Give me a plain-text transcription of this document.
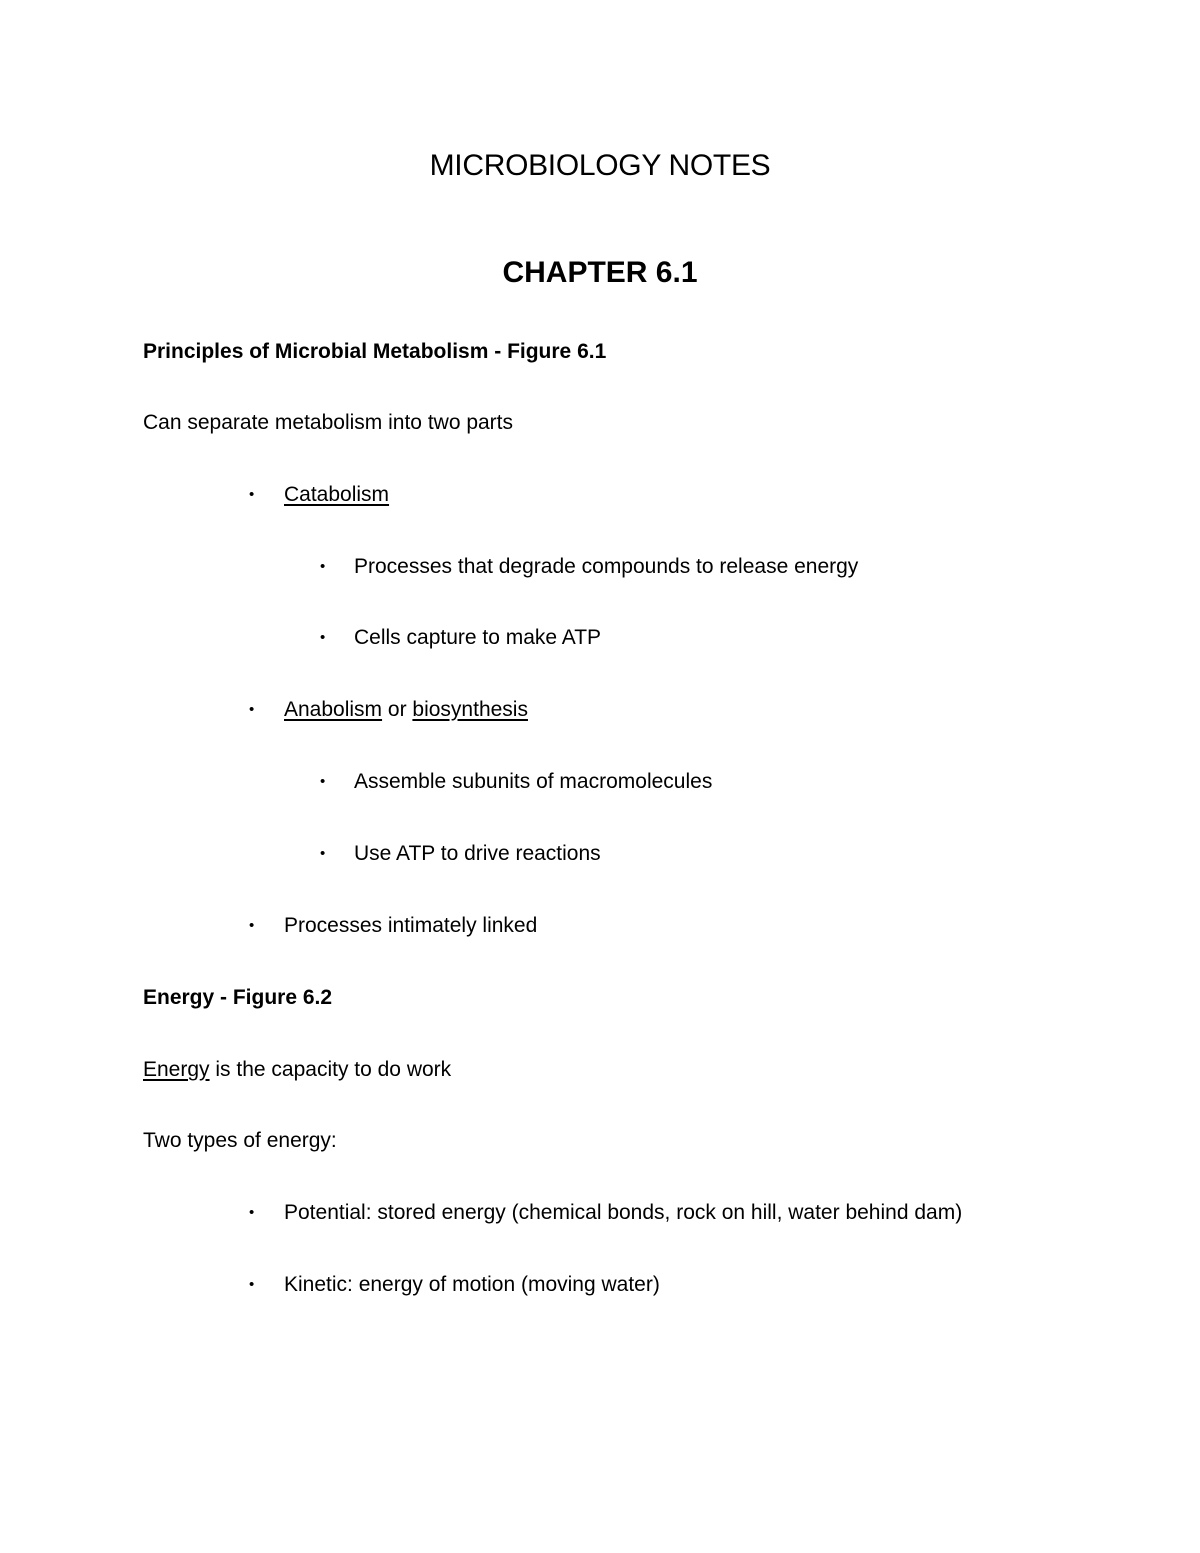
MICROBIOLOGY NOTES
CHAPTER 6.1
Principles of Microbial Metabolism - Figure 6.1
Can separate metabolism into two parts
• Catabolism
• Processes that degrade compounds to release energy
• Cells capture to make ATP
• Anabolism or biosynthesis
• Assemble subunits of macromolecules
• Use ATP to drive reactions
• Processes intimately linked
Energy - Figure 6.2
Energy is the capacity to do work
Two types of energy:
• Potential: stored energy (chemical bonds, rock on hill, water behind dam)
• Kinetic: energy of motion (moving water)
